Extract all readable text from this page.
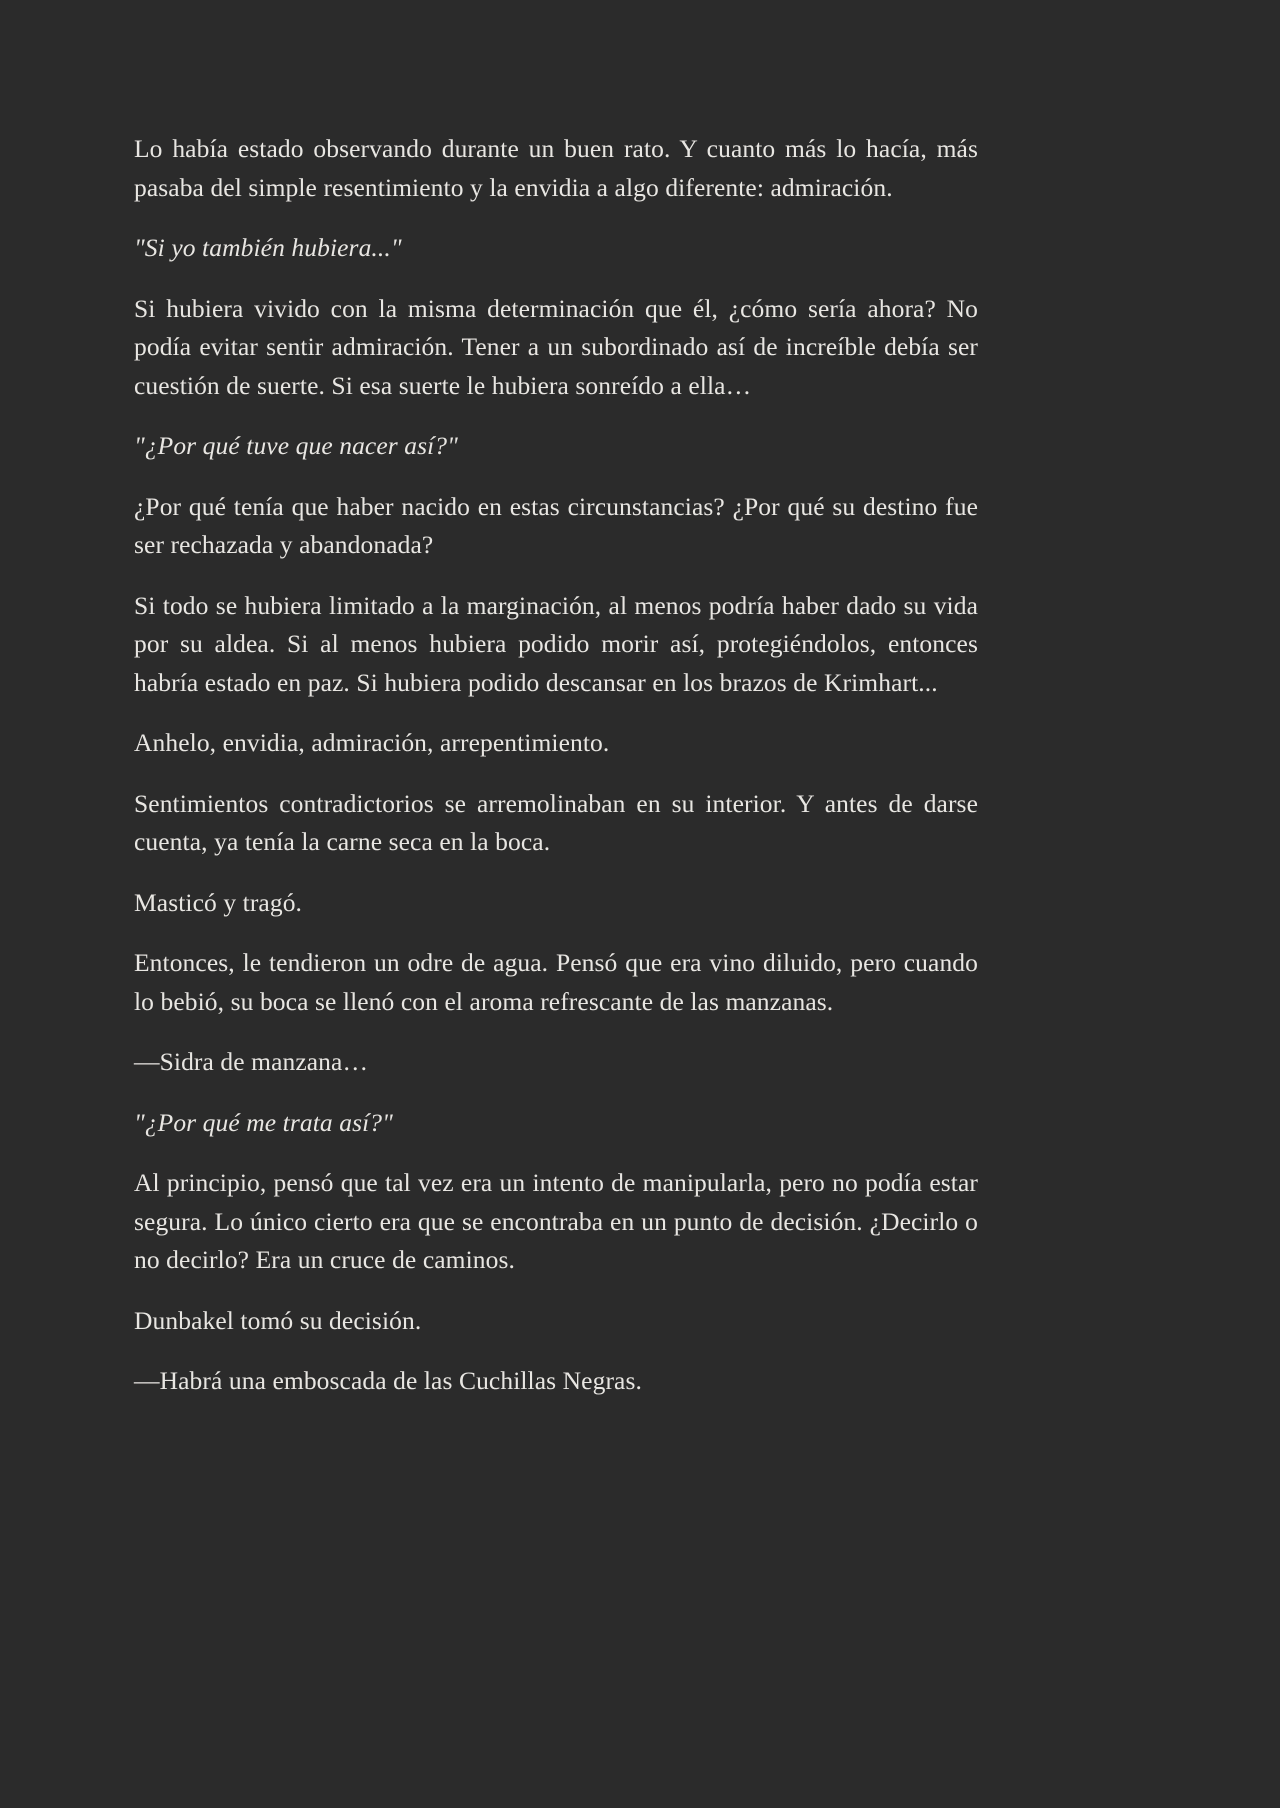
Lo había estado observando durante un buen rato. Y cuanto más lo hacía, más pasaba del simple resentimiento y la envidia a algo diferente: admiración.

"Si yo también hubiera..."

Si hubiera vivido con la misma determinación que él, ¿cómo sería ahora? No podía evitar sentir admiración. Tener a un subordinado así de increíble debía ser cuestión de suerte. Si esa suerte le hubiera sonreído a ella…

"¿Por qué tuve que nacer así?"

¿Por qué tenía que haber nacido en estas circunstancias? ¿Por qué su destino fue ser rechazada y abandonada?

Si todo se hubiera limitado a la marginación, al menos podría haber dado su vida por su aldea. Si al menos hubiera podido morir así, protegiéndolos, entonces habría estado en paz. Si hubiera podido descansar en los brazos de Krimhart...

Anhelo, envidia, admiración, arrepentimiento.

Sentimientos contradictorios se arremolinaban en su interior. Y antes de darse cuenta, ya tenía la carne seca en la boca.

Masticó y tragó.

Entonces, le tendieron un odre de agua. Pensó que era vino diluido, pero cuando lo bebió, su boca se llenó con el aroma refrescante de las manzanas.

—Sidra de manzana…

"¿Por qué me trata así?"

Al principio, pensó que tal vez era un intento de manipularla, pero no podía estar segura. Lo único cierto era que se encontraba en un punto de decisión. ¿Decirlo o no decirlo? Era un cruce de caminos.

Dunbakel tomó su decisión.

—Habrá una emboscada de las Cuchillas Negras.
